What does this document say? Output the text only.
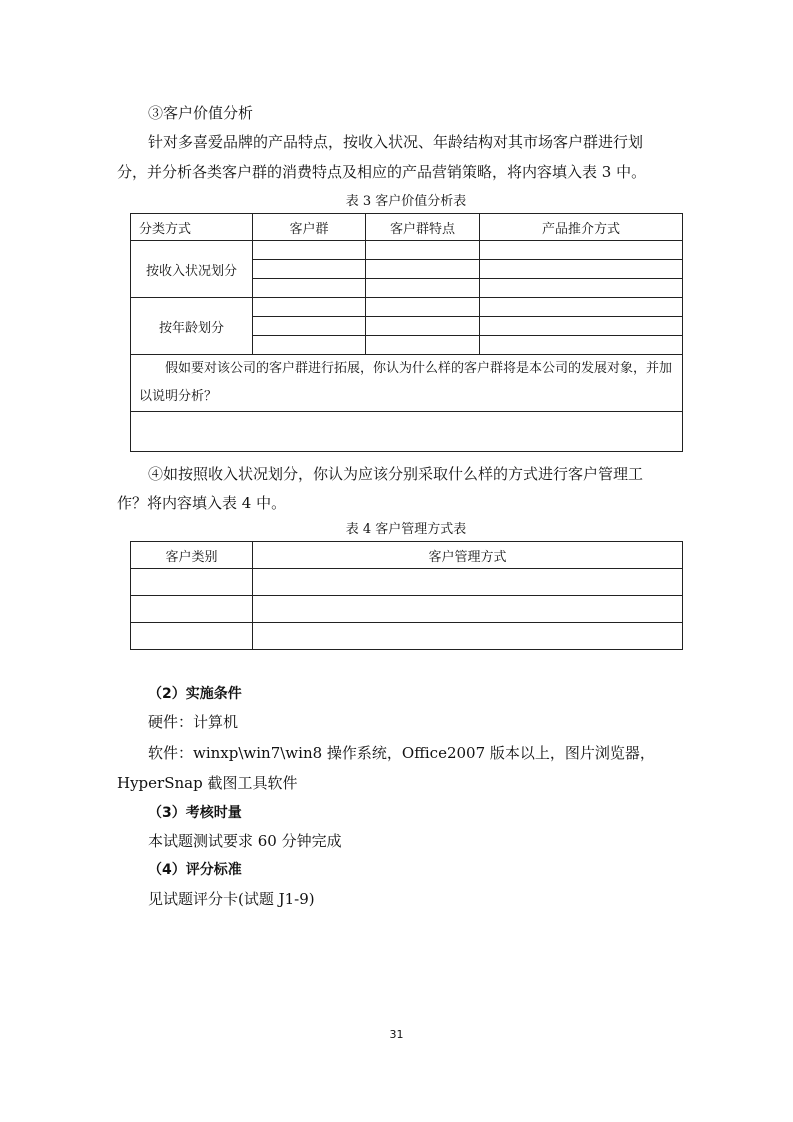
③客户价值分析

针对多喜爱品牌的产品特点，按收入状况、年龄结构对其市场客户群进行划

分，并分析各类客户群的消费特点及相应的产品营销策略，将内容填入表 3 中。

表 3 客户价值分析表

分类方式	客户群	客户群特点	产品推介方式
按收入状况划分			

按年龄划分			

假如要对该公司的客户群进行拓展，你认为什么样的客户群将是本公司的发展对象，并加以说明分析？			

④如按照收入状况划分，你认为应该分别采取什么样的方式进行客户管理工

作？将内容填入表 4 中。

表 4 客户管理方式表

客户类别	客户管理方式

（2）实施条件

硬件：计算机

软件：winxp\win7\win8 操作系统，Office2007 版本以上，图片浏览器，

HyperSnap 截图工具软件

（3）考核时量

本试题测试要求 60 分钟完成

（4）评分标准

见试题评分卡(试题 J1-9)

31
